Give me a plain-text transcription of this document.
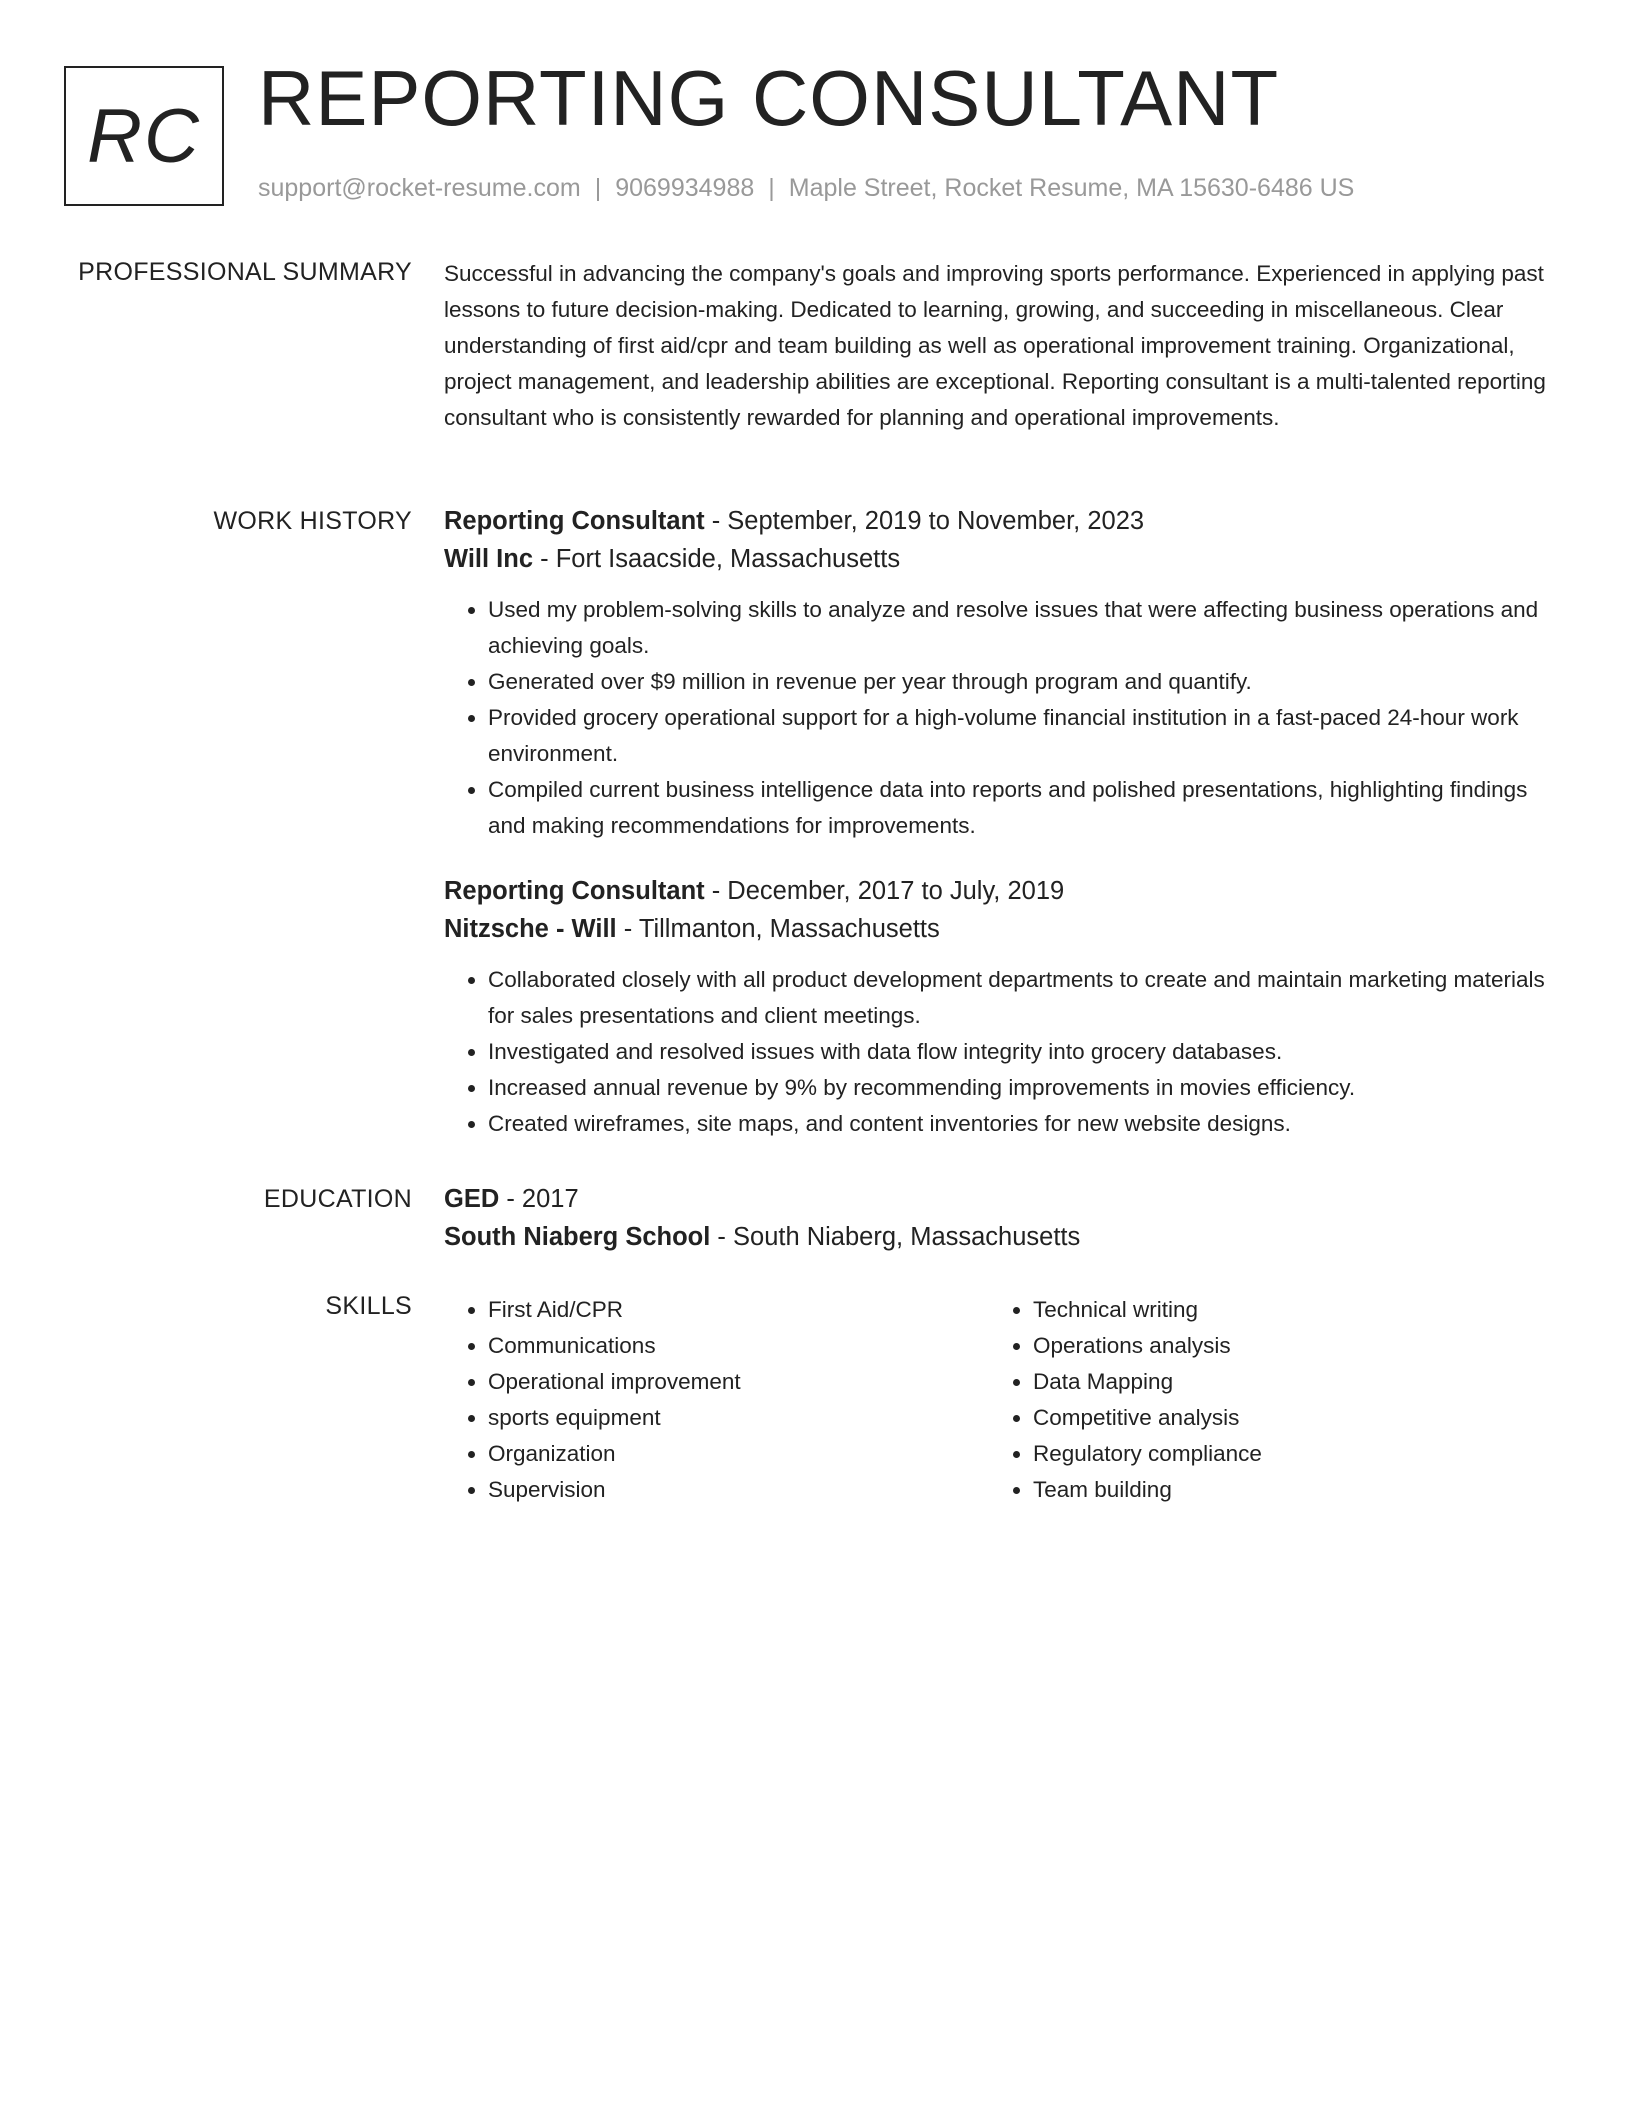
RC REPORTING CONSULTANT
support@rocket-resume.com | 9069934988 | Maple Street, Rocket Resume, MA 15630-6486 US
PROFESSIONAL SUMMARY Successful in advancing the company's goals and improving sports performance. Experienced in applying past lessons to future decision-making. Dedicated to learning, growing, and succeeding in miscellaneous. Clear understanding of first aid/cpr and team building as well as operational improvement training. Organizational, project management, and leadership abilities are exceptional. Reporting consultant is a multi-talented reporting consultant who is consistently rewarded for planning and operational improvements.

WORK HISTORY Reporting Consultant - September, 2019 to November, 2023
Will Inc - Fort Isaacside, Massachusetts
• Used my problem-solving skills to analyze and resolve issues that were affecting business operations and achieving goals.
• Generated over $9 million in revenue per year through program and quantify.
• Provided grocery operational support for a high-volume financial institution in a fast-paced 24-hour work environment.
• Compiled current business intelligence data into reports and polished presentations, highlighting findings and making recommendations for improvements.
Reporting Consultant - December, 2017 to July, 2019
Nitzsche - Will - Tillmanton, Massachusetts
• Collaborated closely with all product development departments to create and maintain marketing materials for sales presentations and client meetings.
• Investigated and resolved issues with data flow integrity into grocery databases.
• Increased annual revenue by 9% by recommending improvements in movies efficiency.
• Created wireframes, site maps, and content inventories for new website designs.
EDUCATION GED - 2017
South Niaberg School - South Niaberg, Massachusetts
SKILLS
•	First Aid/CPR
• Communications
• Operational improvement
• sports equipment
• Organization
• Supervision
• Technical writing
• Operations analysis
• Data Mapping
• Competitive analysis
• Regulatory compliance
• Team building
